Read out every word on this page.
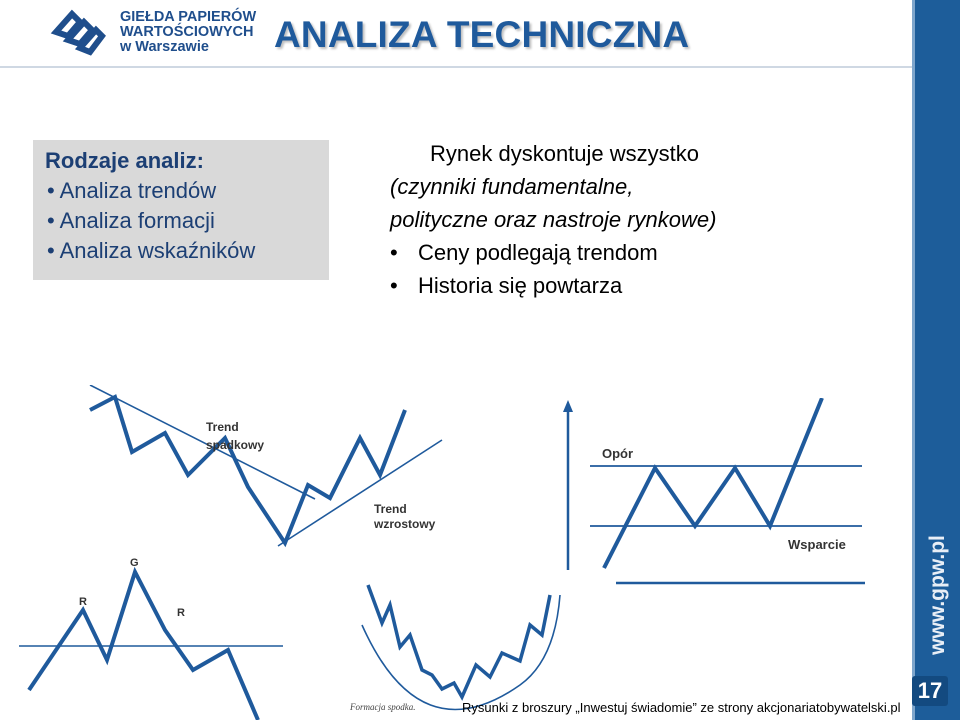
GIEŁDA PAPIERÓW
WARTOŚCIOWYCH
w Warszawie	ANALIZA TECHNICZNA
www.gpw.pl
17
Rodzaje analiz:
• Analiza trendów
• Analiza formacji
• Analiza wskaźników
Rynek dyskontuje wszystko
(czynniki fundamentalne,
polityczne oraz nastroje rynkowe)
• Ceny podlegają trendom
• Historia się powtarza
Trend
spadkowy
Trend
wzrostowy
Opór
Wsparcie
R
G
R
Formacja spodka.	Rysunki z broszury „Inwestuj świadomie” ze strony akcjonariatobywatelski.pl
